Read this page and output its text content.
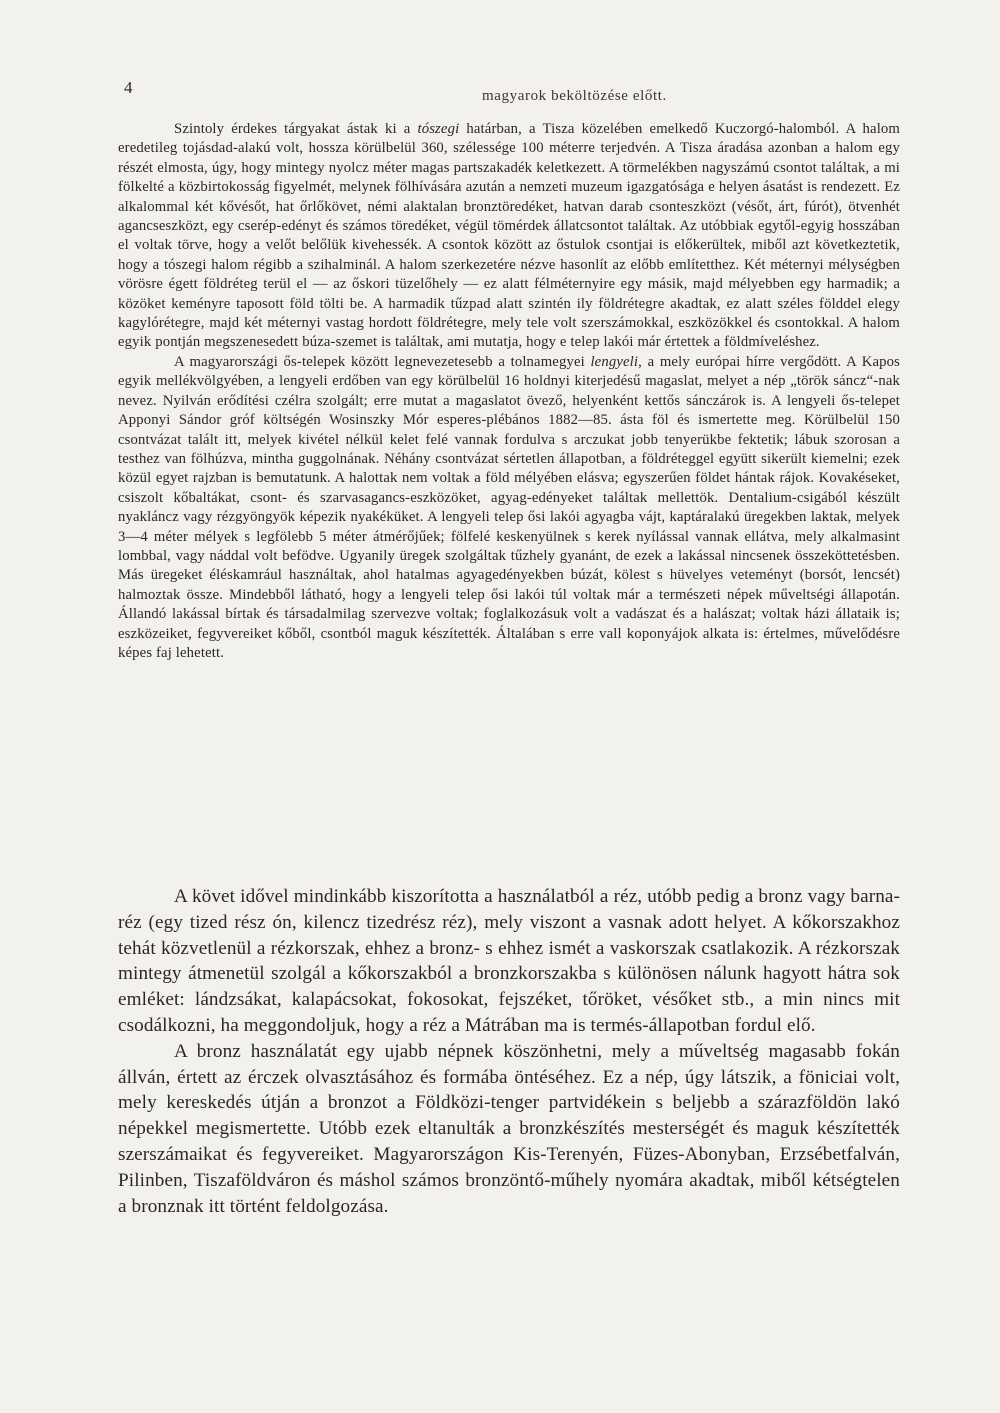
4	magyarok beköltözése előtt.

Szintoly érdekes tárgyakat ástak ki a tószegi határban, a Tisza közelében emelkedő Kuczorgó-halomból. A halom eredetileg tojásdad-alakú volt, hossza körülbelül 360, szélessége 100 méterre terjedvén. A Tisza áradása azonban a halom egy részét elmosta, úgy, hogy mintegy nyolcz méter magas partszakadék keletkezett. A törmelékben nagyszámú csontot találtak, a mi fölkelté a közbirtokosság figyelmét, melynek fölhívására azután a nemzeti muzeum igazgatósága e helyen ásatást is rendezett. Ez alkalommal két kővésőt, hat őrlőkövet, némi alaktalan bronztöredéket, hatvan darab csonteszközt (vésőt, árt, fúrót), ötvenhét agancseszközt, egy cserép-edényt és számos töredéket, végül tömérdek állatcsontot találtak. Az utóbbiak egytől-egyig hosszában el voltak törve, hogy a velőt belőlük kivehessék. A csontok között az őstulok csontjai is előkerültek, miből azt következtetik, hogy a tószegi halom régibb a szihalminál. A halom szerkezetére nézve hasonlít az előbb említetthez. Két méternyi mélységben vörösre égett földréteg terül el — az őskori tüzelőhely — ez alatt félméternyire egy másik, majd mélyebben egy harmadik; a közöket keményre taposott föld tölti be. A harmadik tűzpad alatt szintén ily földrétegre akadtak, ez alatt széles földdel elegy kagylórétegre, majd két méternyi vastag hordott földrétegre, mely tele volt szerszámokkal, eszközökkel és csontokkal. A halom egyik pontján megszenesedett búza-szemet is találtak, ami mutatja, hogy e telep lakói már értettek a földmíveléshez.

A magyarországi ős-telepek között legnevezetesebb a tolnamegyei lengyeli, a mely európai hírre vergődött. A Kapos egyik mellékvölgyében, a lengyeli erdőben van egy körülbelül 16 holdnyi kiterjedésű magaslat, melyet a nép „török sáncz“-nak nevez. Nyilván erődítési czélra szolgált; erre mutat a magaslatot övező, helyenként kettős sánczárok is. A lengyeli ős-telepet Apponyi Sándor gróf költségén Wosinszky Mór esperes-plébános 1882—85. ásta föl és ismertette meg. Körülbelül 150 csontvázat talált itt, melyek kivétel nélkül kelet felé vannak fordulva s arczukat jobb tenyerükbe fektetik; lábuk szorosan a testhez van fölhúzva, mintha guggolnának. Néhány csontvázat sértetlen állapotban, a földréteggel együtt sikerült kiemelni; ezek közül egyet rajzban is bemutatunk. A halottak nem voltak a föld mélyében elásva; egyszerűen földet hántak rájok. Kovakéseket, csiszolt kőbaltákat, csont- és szarvasagancs-eszközöket, agyag-edényeket találtak mellettök. Dentalium-csigából készült nyakláncz vagy rézgyöngyök képezik nyakéküket. A lengyeli telep ősi lakói agyagba vájt, kaptáralakú üregekben laktak, melyek 3—4 méter mélyek s legfölebb 5 méter átmérőjűek; fölfelé keskenyülnek s kerek nyílással vannak ellátva, mely alkalmasint lombbal, vagy náddal volt befödve. Ugyanily üregek szolgáltak tűzhely gyanánt, de ezek a lakással nincsenek összeköttetésben. Más üregeket éléskamrául használtak, ahol hatalmas agyagedényekben búzát, kölest s hüvelyes veteményt (borsót, lencsét) halmoztak össze. Mindebből látható, hogy a lengyeli telep ősi lakói túl voltak már a természeti népek műveltségi állapotán. Állandó lakással bírtak és társadalmilag szervezve voltak; foglalkozásuk volt a vadászat és a halászat; voltak házi állataik is; eszközeiket, fegyvereiket kőből, csontból maguk készítették. Általában s erre vall koponyájok alkata is: értelmes, művelődésre képes faj lehetett.

A követ idővel mindinkább kiszorította a használatból a réz, utóbb pedig a bronz vagy barna-réz (egy tized rész ón, kilencz tizedrész réz), mely viszont a vasnak adott helyet. A kőkorszakhoz tehát közvetlenül a rézkorszak, ehhez a bronz- s ehhez ismét a vaskorszak csatlakozik. A rézkorszak mintegy átmenetül szolgál a kőkorszakból a bronzkorszakba s különösen nálunk hagyott hátra sok emléket: lándzsákat, kalapácsokat, fokosokat, fejszéket, tőröket, vésőket stb., a min nincs mit csodálkozni, ha meggondoljuk, hogy a réz a Mátrában ma is termés-állapotban fordul elő.

A bronz használatát egy ujabb népnek köszönhetni, mely a műveltség magasabb fokán állván, értett az érczek olvasztásához és formába öntéséhez. Ez a nép, úgy látszik, a föniciai volt, mely kereskedés útján a bronzot a Földközi-tenger partvidékein s beljebb a szárazföldön lakó népekkel megismertette. Utóbb ezek eltanulták a bronzkészítés mesterségét és maguk készítették szerszámaikat és fegyvereiket. Magyarországon Kis-Terenyén, Füzes-Abonyban, Erzsébetfalván, Pilinben, Tiszaföldváron és máshol számos bronzöntő-műhely nyomára akadtak, miből kétségtelen a bronznak itt történt feldolgozása.
